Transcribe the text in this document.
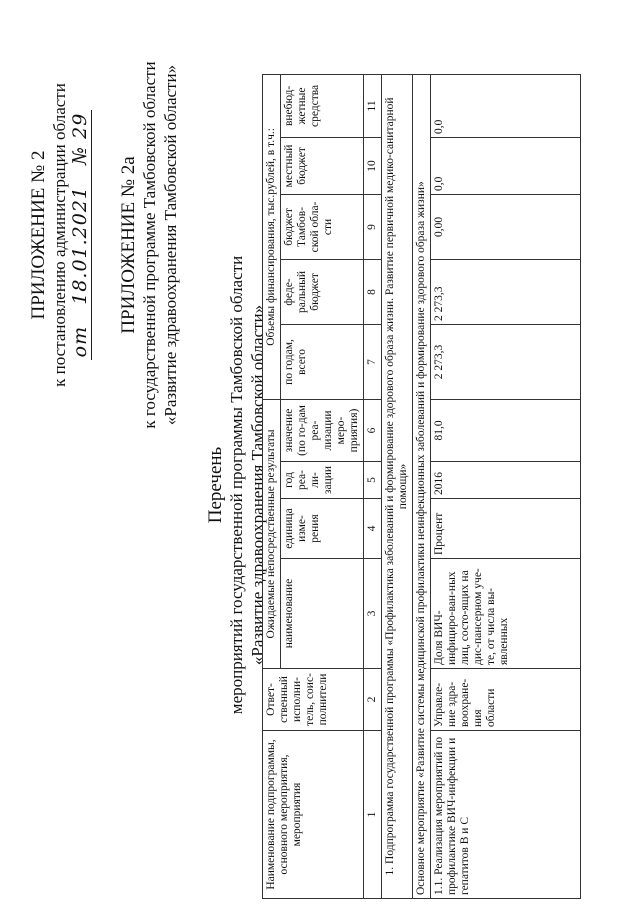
ПРИЛОЖЕНИЕ № 2 к постановлению администрации области от   18.01.2021   № 29
ПРИЛОЖЕНИЕ № 2а к государственной программе Тамбовской области «Развитие здравоохранения Тамбовской области»
Перечень мероприятий государственной программы Тамбовской области «Развитие здравоохранения Тамбовской области»
Наименование подпрограммы, основного мероприятия, мероприятия	Ответ-ственный исполни-тель, соис-полнители	Ожидаемые непосредственные результаты				Объемы финансирования, тыс.рублей, в т.ч.:					
		наименование	единица изме-рения	год реа-ли-зации	значение (по го-дам реа-лизации меро-приятия)	по годам, всего	феде-ральный бюджет	бюджет Тамбов-ской обла-сти	местный бюджет	внебюд-жетные средства	
1	2	3	4	5	6	7	8	9	10	11	
1. Подпрограмма государственной программы «Профилактика заболеваний и формирование здорового образа жизни. Развитие первичной медико-санитарной помощи»											
Основное мероприятие «Развитие системы медицинской профилактики неинфекционных заболеваний и формирование здорового образа жизни»											
1.1. Реализация мероприятий по профилактике ВИЧ-инфекции и гепатитов B и C	Управле-ние здра-воохране-ния области	Доля ВИЧ-инфициро-ван-ных лиц, состо-ящих на дис-пансерном уче-те, от числа вы-явленных	Процент	2016	81,0	2 273,3	2 273,3	0,00	0,0	0,0	
